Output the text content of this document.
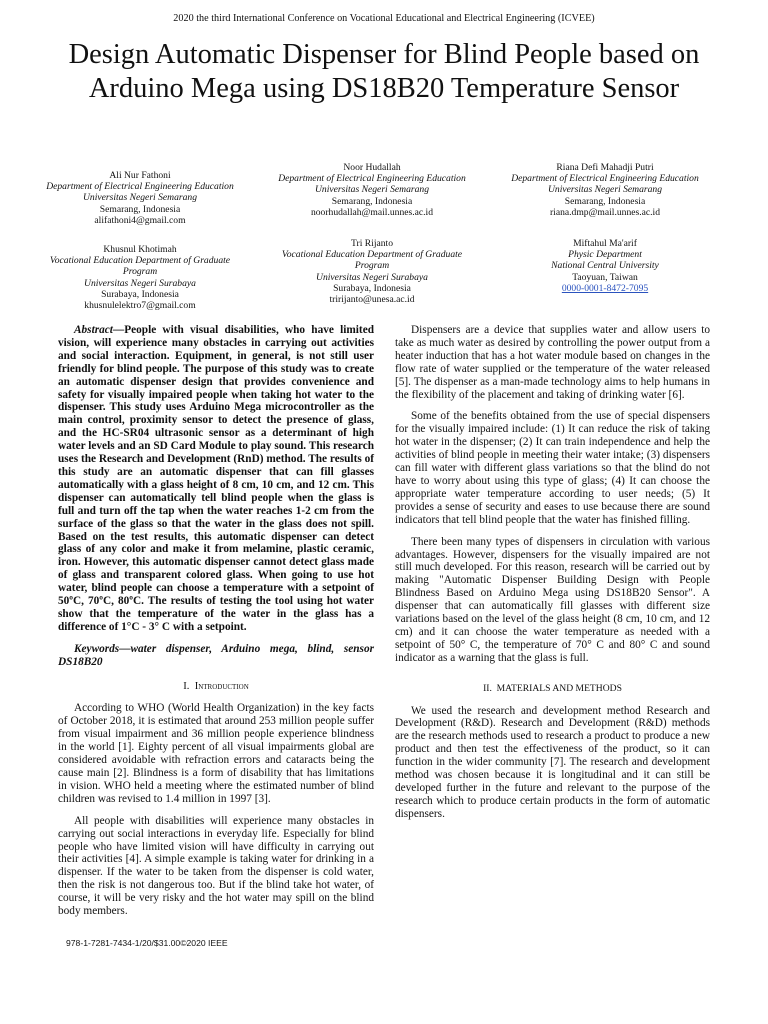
2020 the third International Conference on Vocational Educational and Electrical Engineering (ICVEE)
Design Automatic Dispenser for Blind People based on Arduino Mega using DS18B20 Temperature Sensor
Ali Nur Fathoni
Department of Electrical Engineering Education
Universitas Negeri Semarang
Semarang, Indonesia
alifathoni4@gmail.com
Noor Hudallah
Department of Electrical Engineering Education
Universitas Negeri Semarang
Semarang, Indonesia
noorhudallah@mail.unnes.ac.id
Riana Defi Mahadji Putri
Department of Electrical Engineering Education
Universitas Negeri Semarang
Semarang, Indonesia
riana.dmp@mail.unnes.ac.id
Khusnul Khotimah
Vocational Education Department of Graduate Program
Universitas Negeri Surabaya
Surabaya, Indonesia
khusnulelektro7@gmail.com
Tri Rijanto
Vocational Education Department of Graduate Program
Universitas Negeri Surabaya
Surabaya, Indonesia
tririjanto@unesa.ac.id
Miftahul Ma'arif
Physic Department
National Central University
Taoyuan, Taiwan
0000-0001-8472-7095

Abstract—People with visual disabilities, who have limited vision, will experience many obstacles in carrying out activities and social interaction. Equipment, in general, is not still user friendly for blind people. The purpose of this study was to create an automatic dispenser design that provides convenience and safety for visually impaired people when taking hot water to the dispenser. This study uses Arduino Mega microcontroller as the main control, proximity sensor to detect the presence of glass, and the HC-SR04 ultrasonic sensor as a determinant of high water levels and an SD Card Module to play sound. This research uses the Research and Development (RnD) method. The results of this study are an automatic dispenser that can fill glasses automatically with a glass height of 8 cm, 10 cm, and 12 cm. This dispenser can automatically tell blind people when the glass is full and turn off the tap when the water reaches 1-2 cm from the surface of the glass so that the water in the glass does not spill. Based on the test results, this automatic dispenser can detect glass of any color and make it from melamine, plastic ceramic, iron. However, this automatic dispenser cannot detect glass made of glass and transparent colored glass. When going to use hot water, blind people can choose a temperature with a setpoint of 50ºC, 70ºC, 80ºC. The results of testing the tool using hot water show that the temperature of the water in the glass has a difference of 1°C - 3° C with a setpoint.

Keywords—water dispenser, Arduino mega, blind, sensor DS18B20

I. Introduction

According to WHO (World Health Organization) in the key facts of October 2018, it is estimated that around 253 million people suffer from visual impairment and 36 million people experience blindness in the world [1]. Eighty percent of all visual impairments global are considered avoidable with refraction errors and cataracts being the cause main [2]. Blindness is a form of disability that has limitations in vision. WHO held a meeting where the estimated number of blind children was revised to 1.4 million in 1997 [3].

All people with disabilities will experience many obstacles in carrying out social interactions in everyday life. Especially for blind people who have limited vision will have difficulty in carrying out their activities [4]. A simple example is taking water for drinking in a dispenser. If the water to be taken from the dispenser is cold water, then the risk is not dangerous too. But if the blind take hot water, of course, it will be very risky and the hot water may spill on the blind body members.

Dispensers are a device that supplies water and allow users to take as much water as desired by controlling the power output from a heater induction that has a hot water module based on changes in the flow rate of water supplied or the temperature of the water released [5]. The dispenser as a man-made technology aims to help humans in the flexibility of the placement and taking of drinking water [6].

Some of the benefits obtained from the use of special dispensers for the visually impaired include: (1) It can reduce the risk of taking hot water in the dispenser; (2) It can train independence and help the activities of blind people in meeting their water intake; (3) dispensers can fill water with different glass variations so that the blind do not have to worry about using this type of glass; (4) It can choose the appropriate water temperature according to user needs; (5) It provides a sense of security and eases to use because there are sound indicators that tell blind people that the water has finished filling.

There been many types of dispensers in circulation with various advantages. However, dispensers for the visually impaired are not still much developed. For this reason, research will be carried out by making "Automatic Dispenser Building Design with People Blindness Based on Arduino Mega using DS18B20 Sensor". A dispenser that can automatically fill glasses with different size variations based on the level of the glass height (8 cm, 10 cm, and 12 cm) and it can choose the water temperature as needed with a setpoint of 50° C, the temperature of 70° C and 80° C and sound indicator as a warning that the glass is full.

II. MATERIALS AND METHODS

We used the research and development method Research and Development (R&D). Research and Development (R&D) methods are the research methods used to research a product to produce a new product and then test the effectiveness of the product, so it can function in the wider community [7]. The research and development method was chosen because it is longitudinal and it can still be developed further in the future and relevant to the purpose of the research which to produce certain products in the form of automatic dispensers.

978-1-7281-7434-1/20/$31.00©2020 IEEE
